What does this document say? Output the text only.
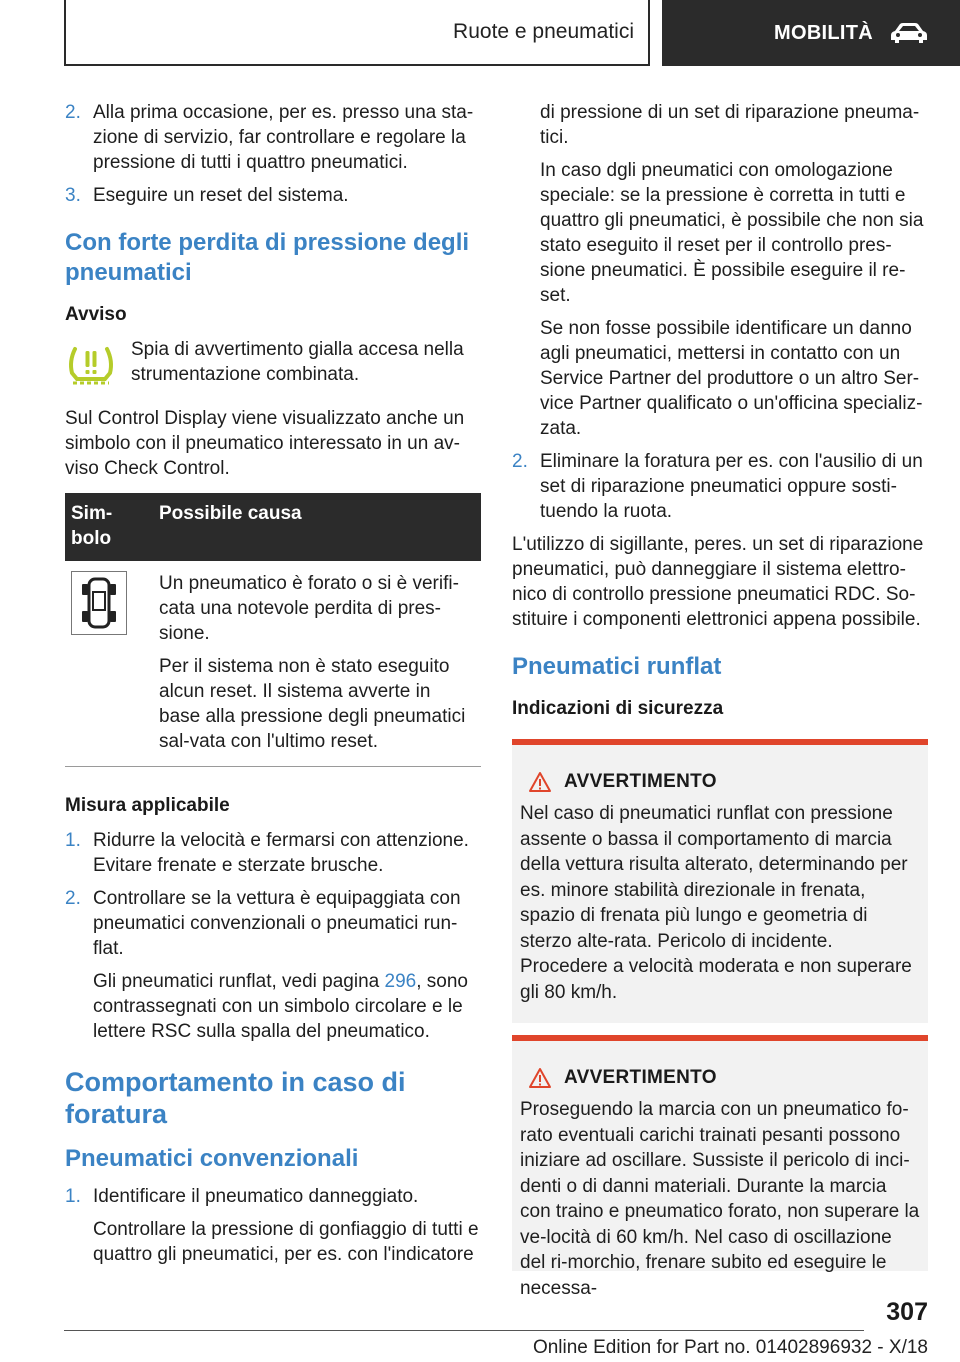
Ruote e pneumatici	MOBILITÀ
2. Alla prima occasione, per es. presso una sta-zione di servizio, far controllare e regolare la pressione di tutti i quattro pneumatici.
3. Eseguire un reset del sistema.
Con forte perdita di pressione degli pneumatici
Avviso

Spia di avvertimento gialla accesa nella strumentazione combinata.

Sul Control Display viene visualizzato anche un simbolo con il pneumatico interessato in un av-viso Check Control.

Sim-bolo	Possibile causa

Un pneumatico è forato o si è verifi-cata una notevole perdita di pres-sione.

Per il sistema non è stato eseguito alcun reset. Il sistema avverte in base alla pressione degli pneumatici sal-vata con l'ultimo reset.

Misura applicabile
1. Ridurre la velocità e fermarsi con attenzione. Evitare frenate e sterzate brusche.
2. Controllare se la vettura è equipaggiata con pneumatici convenzionali o pneumatici run-flat.

Gli pneumatici runflat, vedi pagina 296, sono contrassegnati con un simbolo circolare e le lettere RSC sulla spalla del pneumatico.

Comportamento in caso di foratura
Pneumatici convenzionali
1. Identificare il pneumatico danneggiato.

Controllare la pressione di gonfiaggio di tutti e quattro gli pneumatici, per es. con l'indicatore

di pressione di un set di riparazione pneuma-tici.

In caso dgli pneumatici con omologazione speciale: se la pressione è corretta in tutti e quattro gli pneumatici, è possibile che non sia stato eseguito il reset per il controllo pres-sione pneumatici. È possibile eseguire il re-set.

Se non fosse possibile identificare un danno agli pneumatici, mettersi in contatto con un Service Partner del produttore o un altro Ser-vice Partner qualificato o un'officina specializ-zata.

2. Eliminare la foratura per es. con l'ausilio di un set di riparazione pneumatici oppure sosti-tuendo la ruota.

L'utilizzo di sigillante, peres. un set di riparazione pneumatici, può danneggiare il sistema elettro-nico di controllo pressione pneumatici RDC. So-stituire i componenti elettronici appena possibile.

Pneumatici runflat
Indicazioni di sicurezza
AVVERTIMENTO

Nel caso di pneumatici runflat con pressione assente o bassa il comportamento di marcia della vettura risulta alterato, determinando per es. minore stabilità direzionale in frenata, spazio di frenata più lungo e geometria di sterzo alte-rata. Pericolo di incidente. Procedere a velocità moderata e non superare gli 80 km/h.

AVVERTIMENTO

Proseguendo la marcia con un pneumatico fo-rato eventuali carichi trainati pesanti possono iniziare ad oscillare. Sussiste il pericolo di inci-denti o di danni materiali. Durante la marcia con traino e pneumatico forato, non superare la ve-locità di 60 km/h. Nel caso di oscillazione del ri-morchio, frenare subito ed eseguire le necessa-

307
Online Edition for Part no. 01402896932 - X/18
